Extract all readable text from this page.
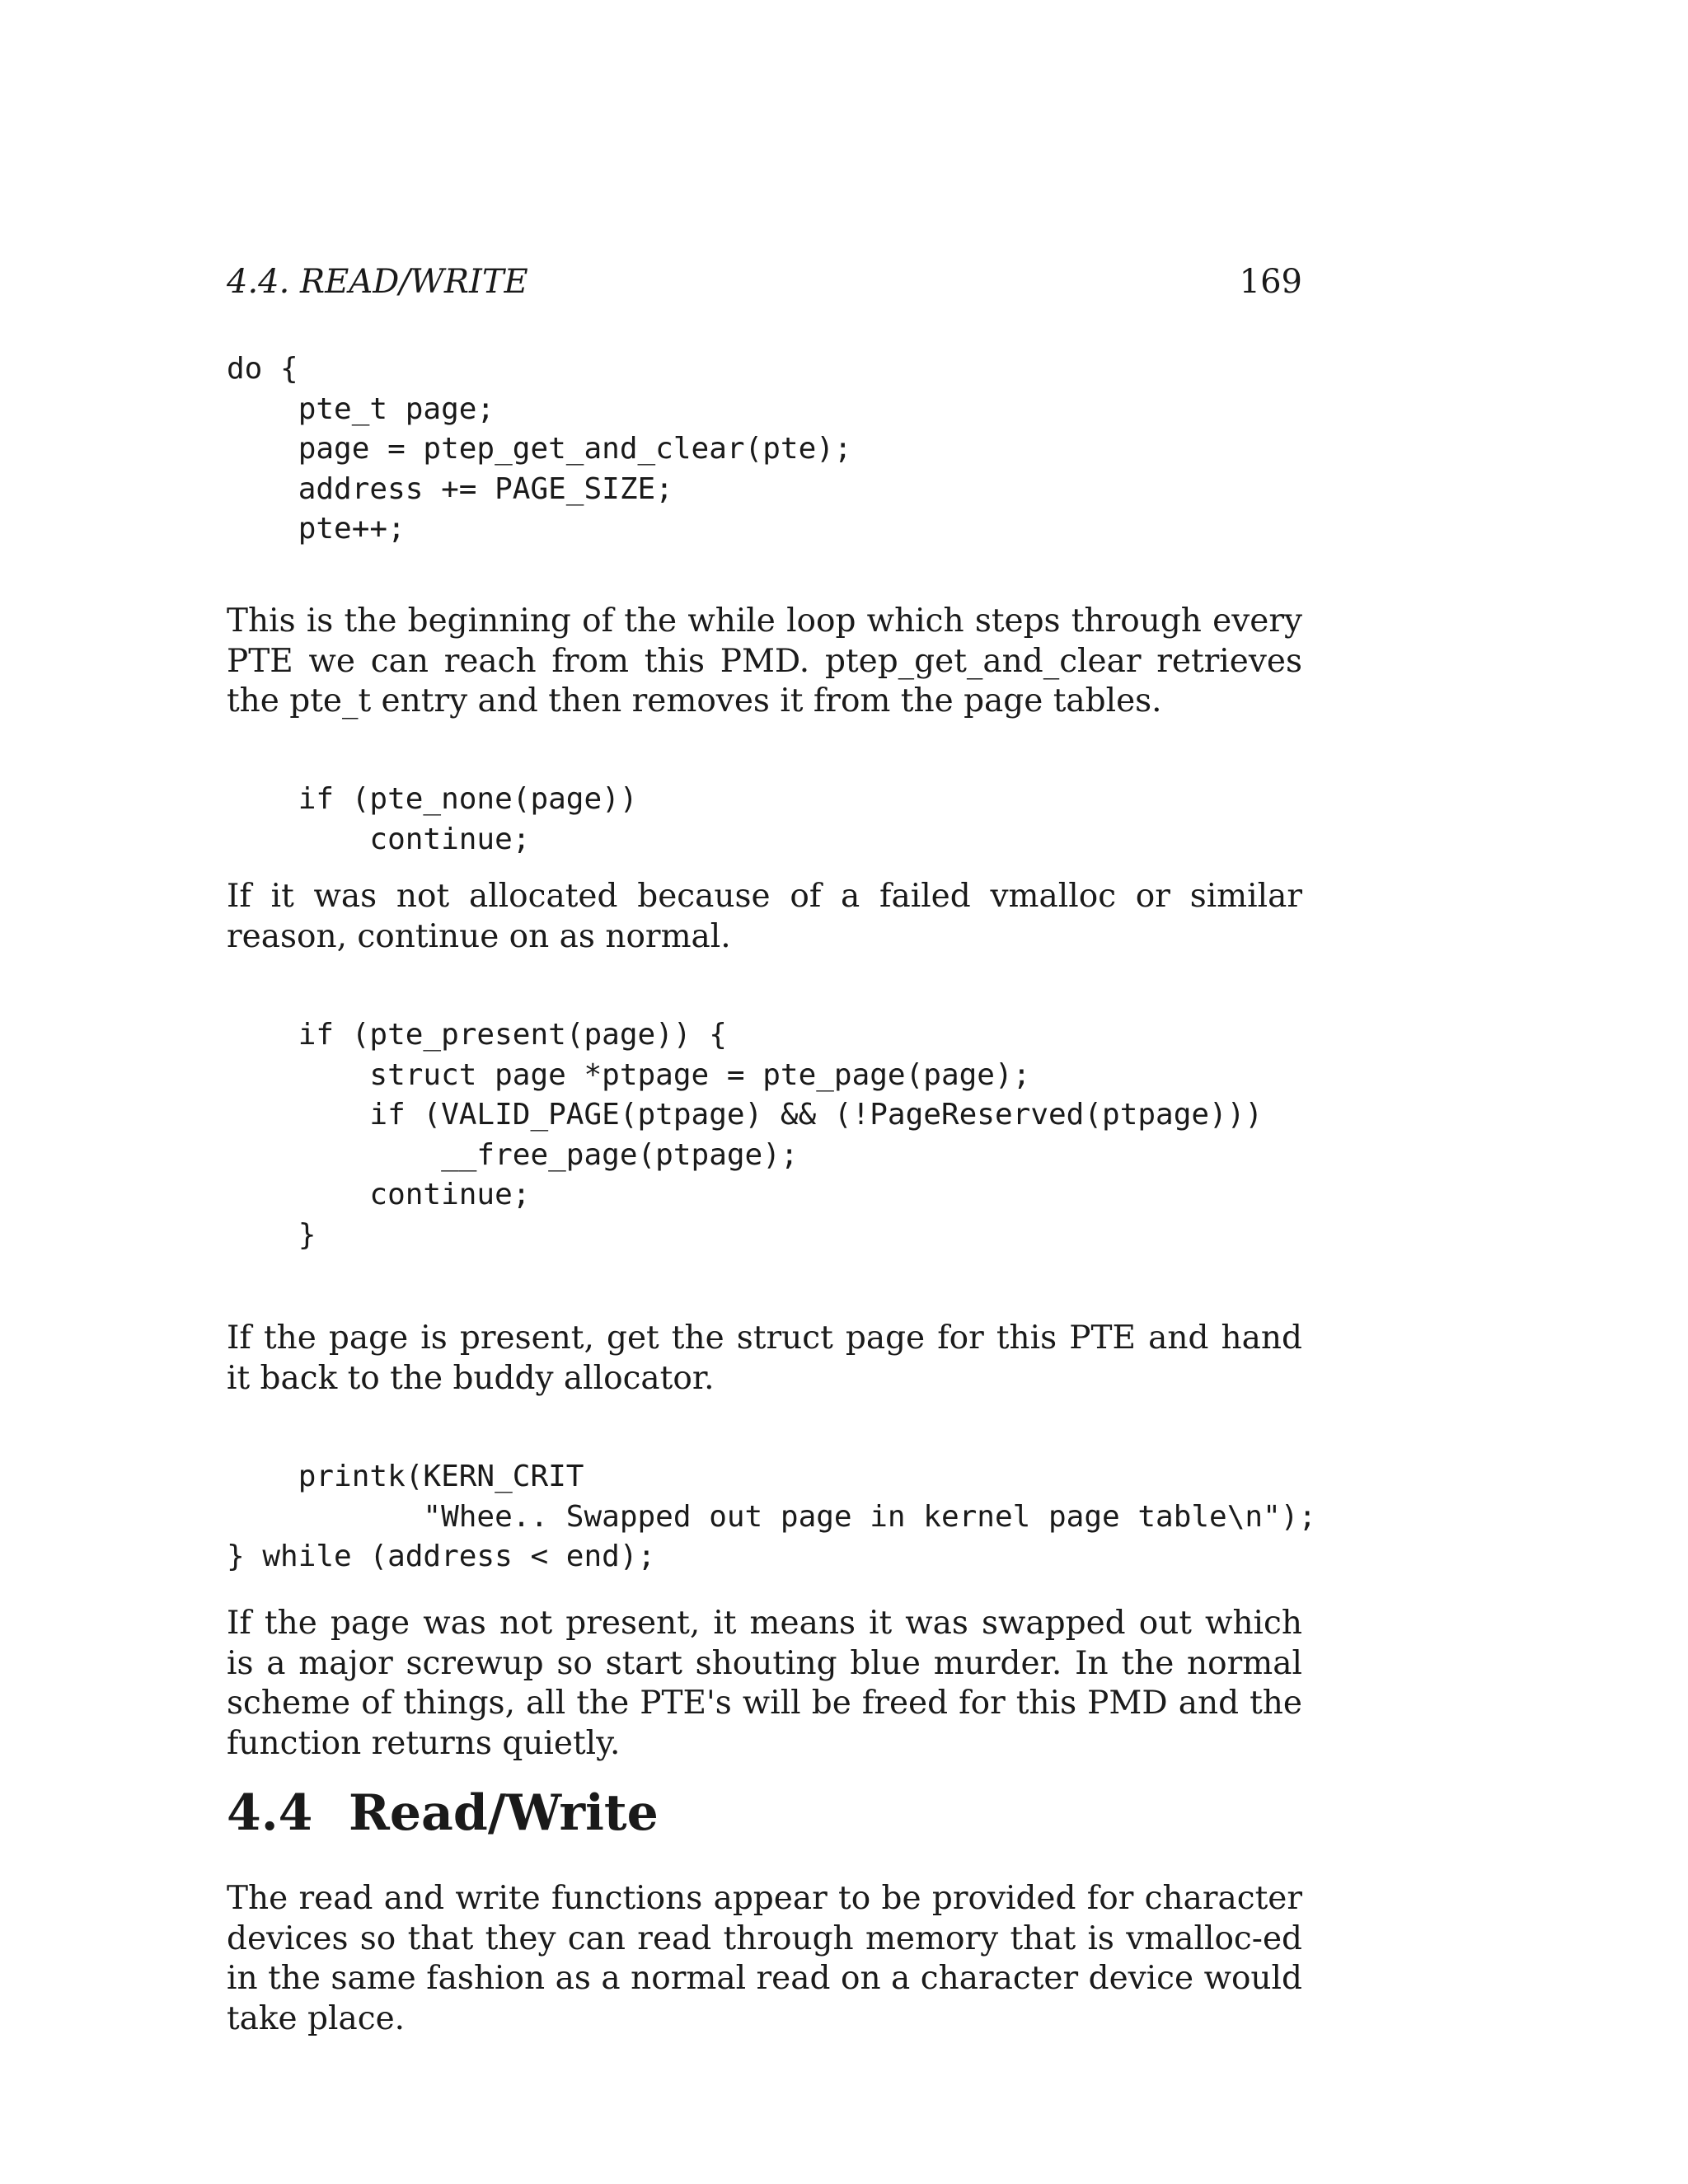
4.4. READ/WRITE	169
do {
pte_t page;
page = ptep_get_and_clear(pte);
address += PAGE_SIZE;
pte++;

This is the beginning of the while loop which steps through every PTE we can reach from this PMD. ptep_get_and_clear retrieves the pte_t entry and then removes it from the page tables.

if (pte_none(page))
continue;

If it was not allocated because of a failed vmalloc or similar reason, continue on as normal.

if (pte_present(page)) {
struct page *ptpage = pte_page(page);
if (VALID_PAGE(ptpage) && (!PageReserved(ptpage)))
__free_page(ptpage);
continue;
}

If the page is present, get the struct page for this PTE and hand it back to the buddy allocator.

printk(KERN_CRIT
"Whee.. Swapped out page in kernel page table\n");
} while (address < end);

If the page was not present, it means it was swapped out which is a major screwup so start shouting blue murder. In the normal scheme of things, all the PTE's will be freed for this PMD and the function returns quietly.

4.4 Read/Write

The read and write functions appear to be provided for character devices so that they can read through memory that is vmalloc-ed in the same fashion as a normal read on a character device would take place.
